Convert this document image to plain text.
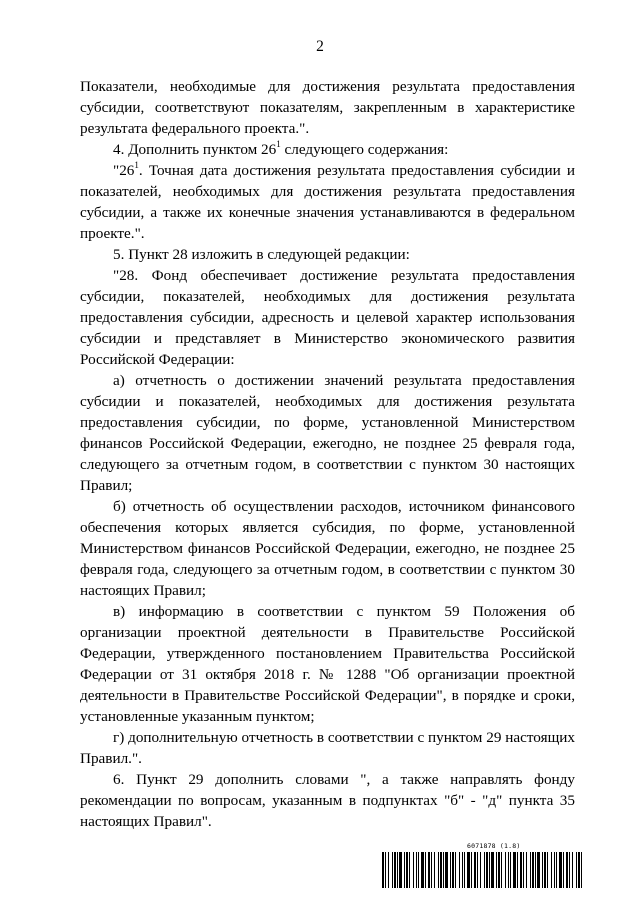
2

Показатели, необходимые для достижения результата предоставления субсидии, соответствуют показателям, закрепленным в характеристике результата федерального проекта.".

4. Дополнить пунктом $26^1$ следующего содержания:

"$26^1$. Точная дата достижения результата предоставления субсидии и показателей, необходимых для достижения результата предоставления субсидии, а также их конечные значения устанавливаются в федеральном проекте.".

5. Пункт 28 изложить в следующей редакции:

"28. Фонд обеспечивает достижение результата предоставления субсидии, показателей, необходимых для достижения результата предоставления субсидии, адресность и целевой характер использования субсидии и представляет в Министерство экономического развития Российской Федерации:

а) отчетность о достижении значений результата предоставления субсидии и показателей, необходимых для достижения результата предоставления субсидии, по форме, установленной Министерством финансов Российской Федерации, ежегодно, не позднее 25 февраля года, следующего за отчетным годом, в соответствии с пунктом 30 настоящих Правил;

б) отчетность об осуществлении расходов, источником финансового обеспечения которых является субсидия, по форме, установленной Министерством финансов Российской Федерации, ежегодно, не позднее 25 февраля года, следующего за отчетным годом, в соответствии с пунктом 30 настоящих Правил;

в) информацию в соответствии с пунктом 59 Положения об организации проектной деятельности в Правительстве Российской Федерации, утвержденного постановлением Правительства Российской Федерации от 31 октября 2018 г. № 1288 "Об организации проектной деятельности в Правительстве Российской Федерации", в порядке и сроки, установленные указанным пунктом;

г) дополнительную отчетность в соответствии с пунктом 29 настоящих Правил.".

6. Пункт 29 дополнить словами ", а также направлять фонду рекомендации по вопросам, указанным в подпунктах "б" - "д" пункта 35 настоящих Правил".

6071878 (1.8)
